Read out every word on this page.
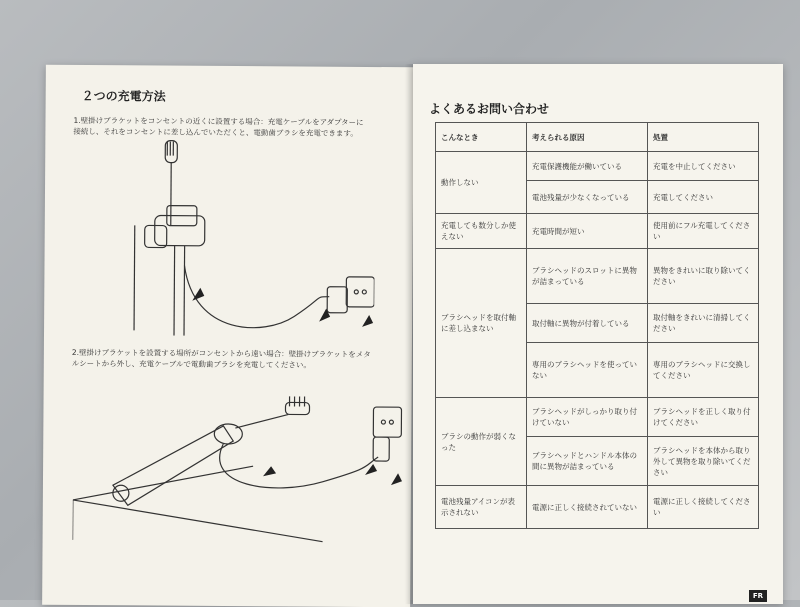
２つの充電方法
1.壁掛けブラケットをコンセントの近くに設置する場合：充電ケーブルをアダプターに
接続し、それをコンセントに差し込んでいただくと、電動歯ブラシを充電できます。
2.壁掛けブラケットを設置する場所がコンセントから遠い場合：壁掛けブラケットをメタ
ルシートから外し、充電ケーブルで電動歯ブラシを充電してください。
よくあるお問い合わせ
こんなとき	考えられる原因	処置
動作しない	充電保護機能が働いている	充電を中止してください
	電池残量が少なくなっている	充電してください
充電しても数分しか使えない	充電時間が短い	使用前にフル充電してください
ブラシヘッドを取付軸に差し込まない	ブラシヘッドのスロットに異物が詰まっている	異物をきれいに取り除いてください
	取付軸に異物が付着している	取付軸をきれいに清掃してください
	専用のブラシヘッドを使っていない	専用のブラシヘッドに交換してください
ブラシの動作が弱くなった	ブラシヘッドがしっかり取り付けていない	ブラシヘッドを正しく取り付けてください
	ブラシヘッドとハンドル本体の間に異物が詰まっている	ブラシヘッドを本体から取り外して異物を取り除いてください
電池残量アイコンが表示されない	電源に正しく接続されていない	電源に正しく接続してください
FR
